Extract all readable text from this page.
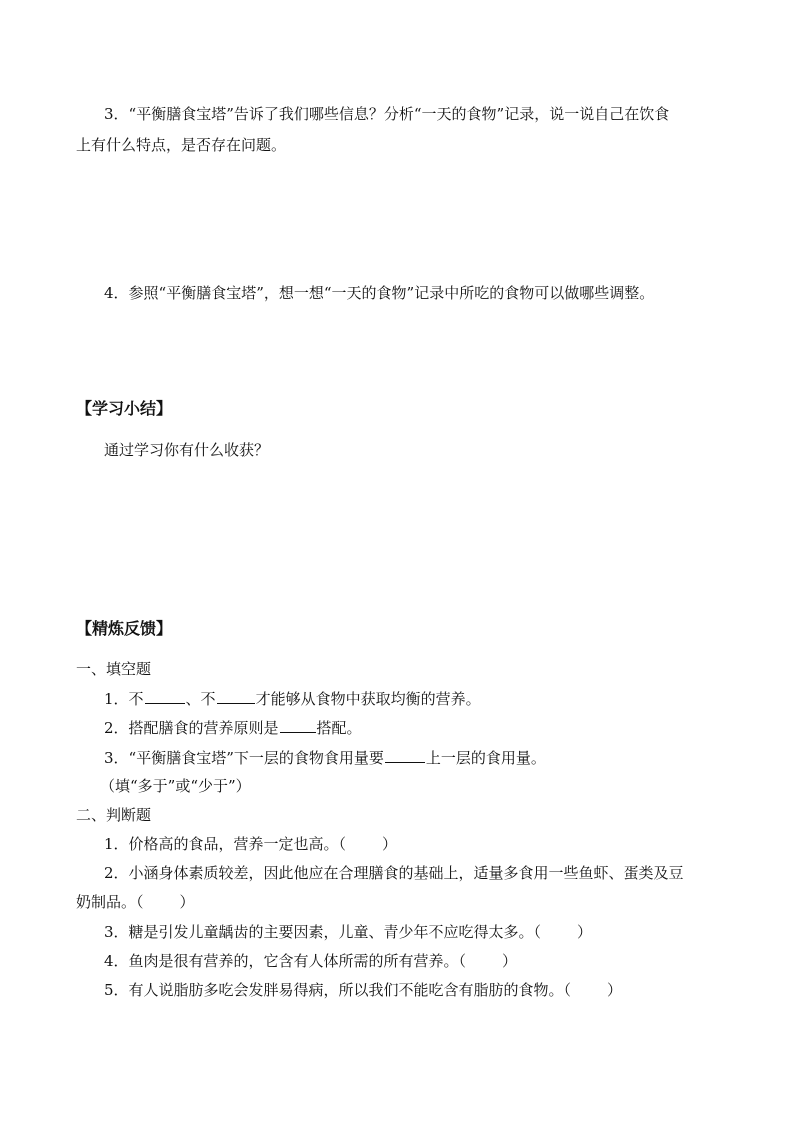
3．“平衡膳食宝塔”告诉了我们哪些信息？分析“一天的食物”记录，说一说自己在饮食
上有什么特点，是否存在问题。
4．参照“平衡膳食宝塔”，想一想“一天的食物”记录中所吃的食物可以做哪些调整。
【学习小结】
通过学习你有什么收获？
【精炼反馈】
一、填空题
1．不	、不	才能够从食物中获取均衡的营养。
2．搭配膳食的营养原则是	搭配。
3．“平衡膳食宝塔”下一层的食物食用量要	上一层的食用量。
（填“多于”或“少于”）
二、判断题
1．价格高的食品，营养一定也高。（ ）
2．小涵身体素质较差，因此他应在合理膳食的基础上，适量多食用一些鱼虾、蛋类及豆
奶制品。（ ）
3．糖是引发儿童龋齿的主要因素，儿童、青少年不应吃得太多。（ ）
4．鱼肉是很有营养的，它含有人体所需的所有营养。（ ）
5．有人说脂肪多吃会发胖易得病，所以我们不能吃含有脂肪的食物。（ ）
